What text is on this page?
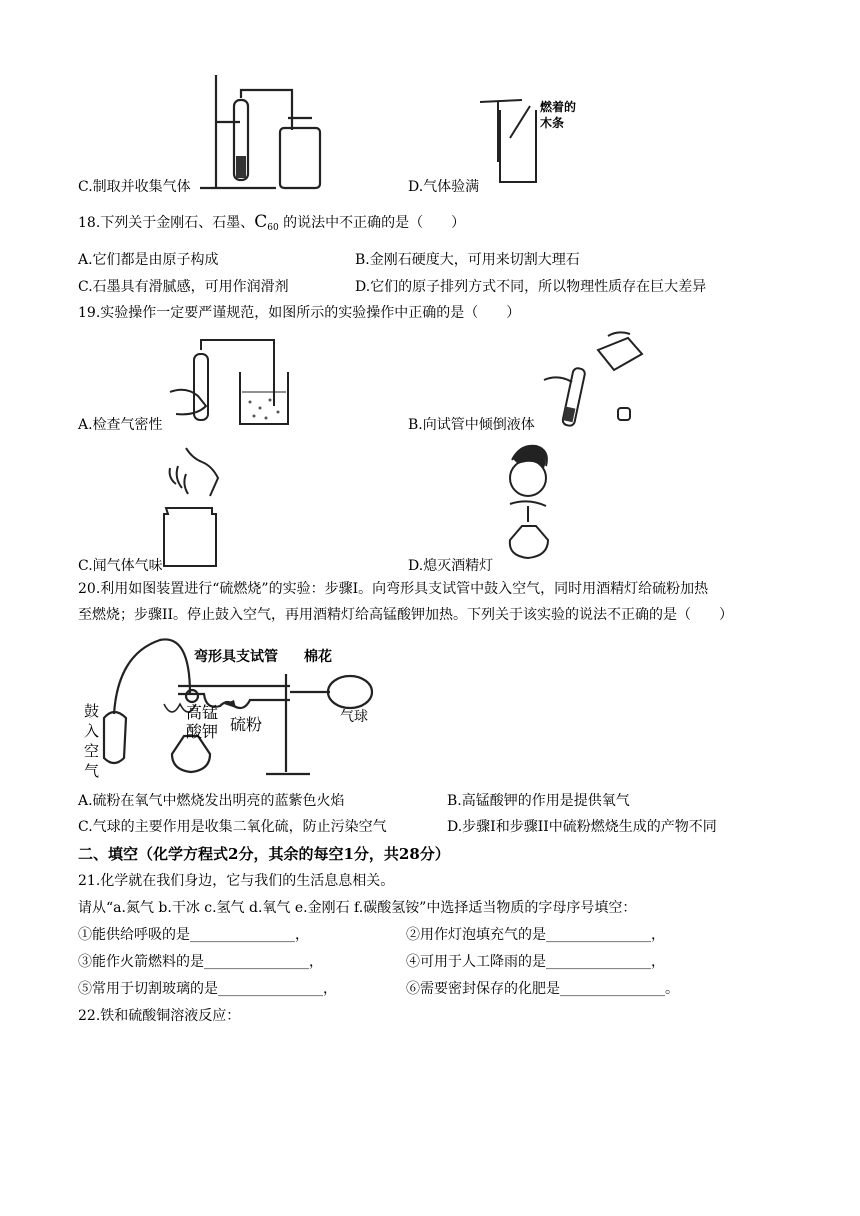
C.制取并收集气体
燃着的
木条
D.气体验满
18.下列关于金刚石、石墨、$C_{60}$ 的说法中不正确的是（　　）
A.它们都是由原子构成	B.金刚石硬度大，可用来切割大理石
C.石墨具有滑腻感，可用作润滑剂	D.它们的原子排列方式不同，所以物理性质存在巨大差异
19.实验操作一定要严谨规范，如图所示的实验操作中正确的是（　　）
A.检查气密性	B.向试管中倾倒液体
C.闻气体气味	D.熄灭酒精灯
20.利用如图装置进行“硫燃烧”的实验：步骤I。向弯形具支试管中鼓入空气，同时用酒精灯给硫粉加热
至燃烧；步骤II。停止鼓入空气，再用酒精灯给高锰酸钾加热。下列关于该实验的说法不正确的是（　　）
弯形具支试管 棉花
高锰
酸钾 硫粉	气球
鼓
入
空
气
A.硫粉在氧气中燃烧发出明亮的蓝紫色火焰	B.高锰酸钾的作用是提供氧气
C.气球的主要作用是收集二氧化硫，防止污染空气	D.步骤I和步骤II中硫粉燃烧生成的产物不同
二、填空（化学方程式2分，其余的每空1分，共28分）
21.化学就在我们身边，它与我们的生活息息相关。
请从“a.氮气 b.干冰 c.氢气 d.氧气 e.金刚石 f.碳酸氢铵”中选择适当物质的字母序号填空：
①能供给呼吸的是_______________，	②用作灯泡填充气的是_______________，
③能作火箭燃料的是_______________，	④可用于人工降雨的是_______________，
⑤常用于切割玻璃的是_______________，	⑥需要密封保存的化肥是_______________。
22.铁和硫酸铜溶液反应：
